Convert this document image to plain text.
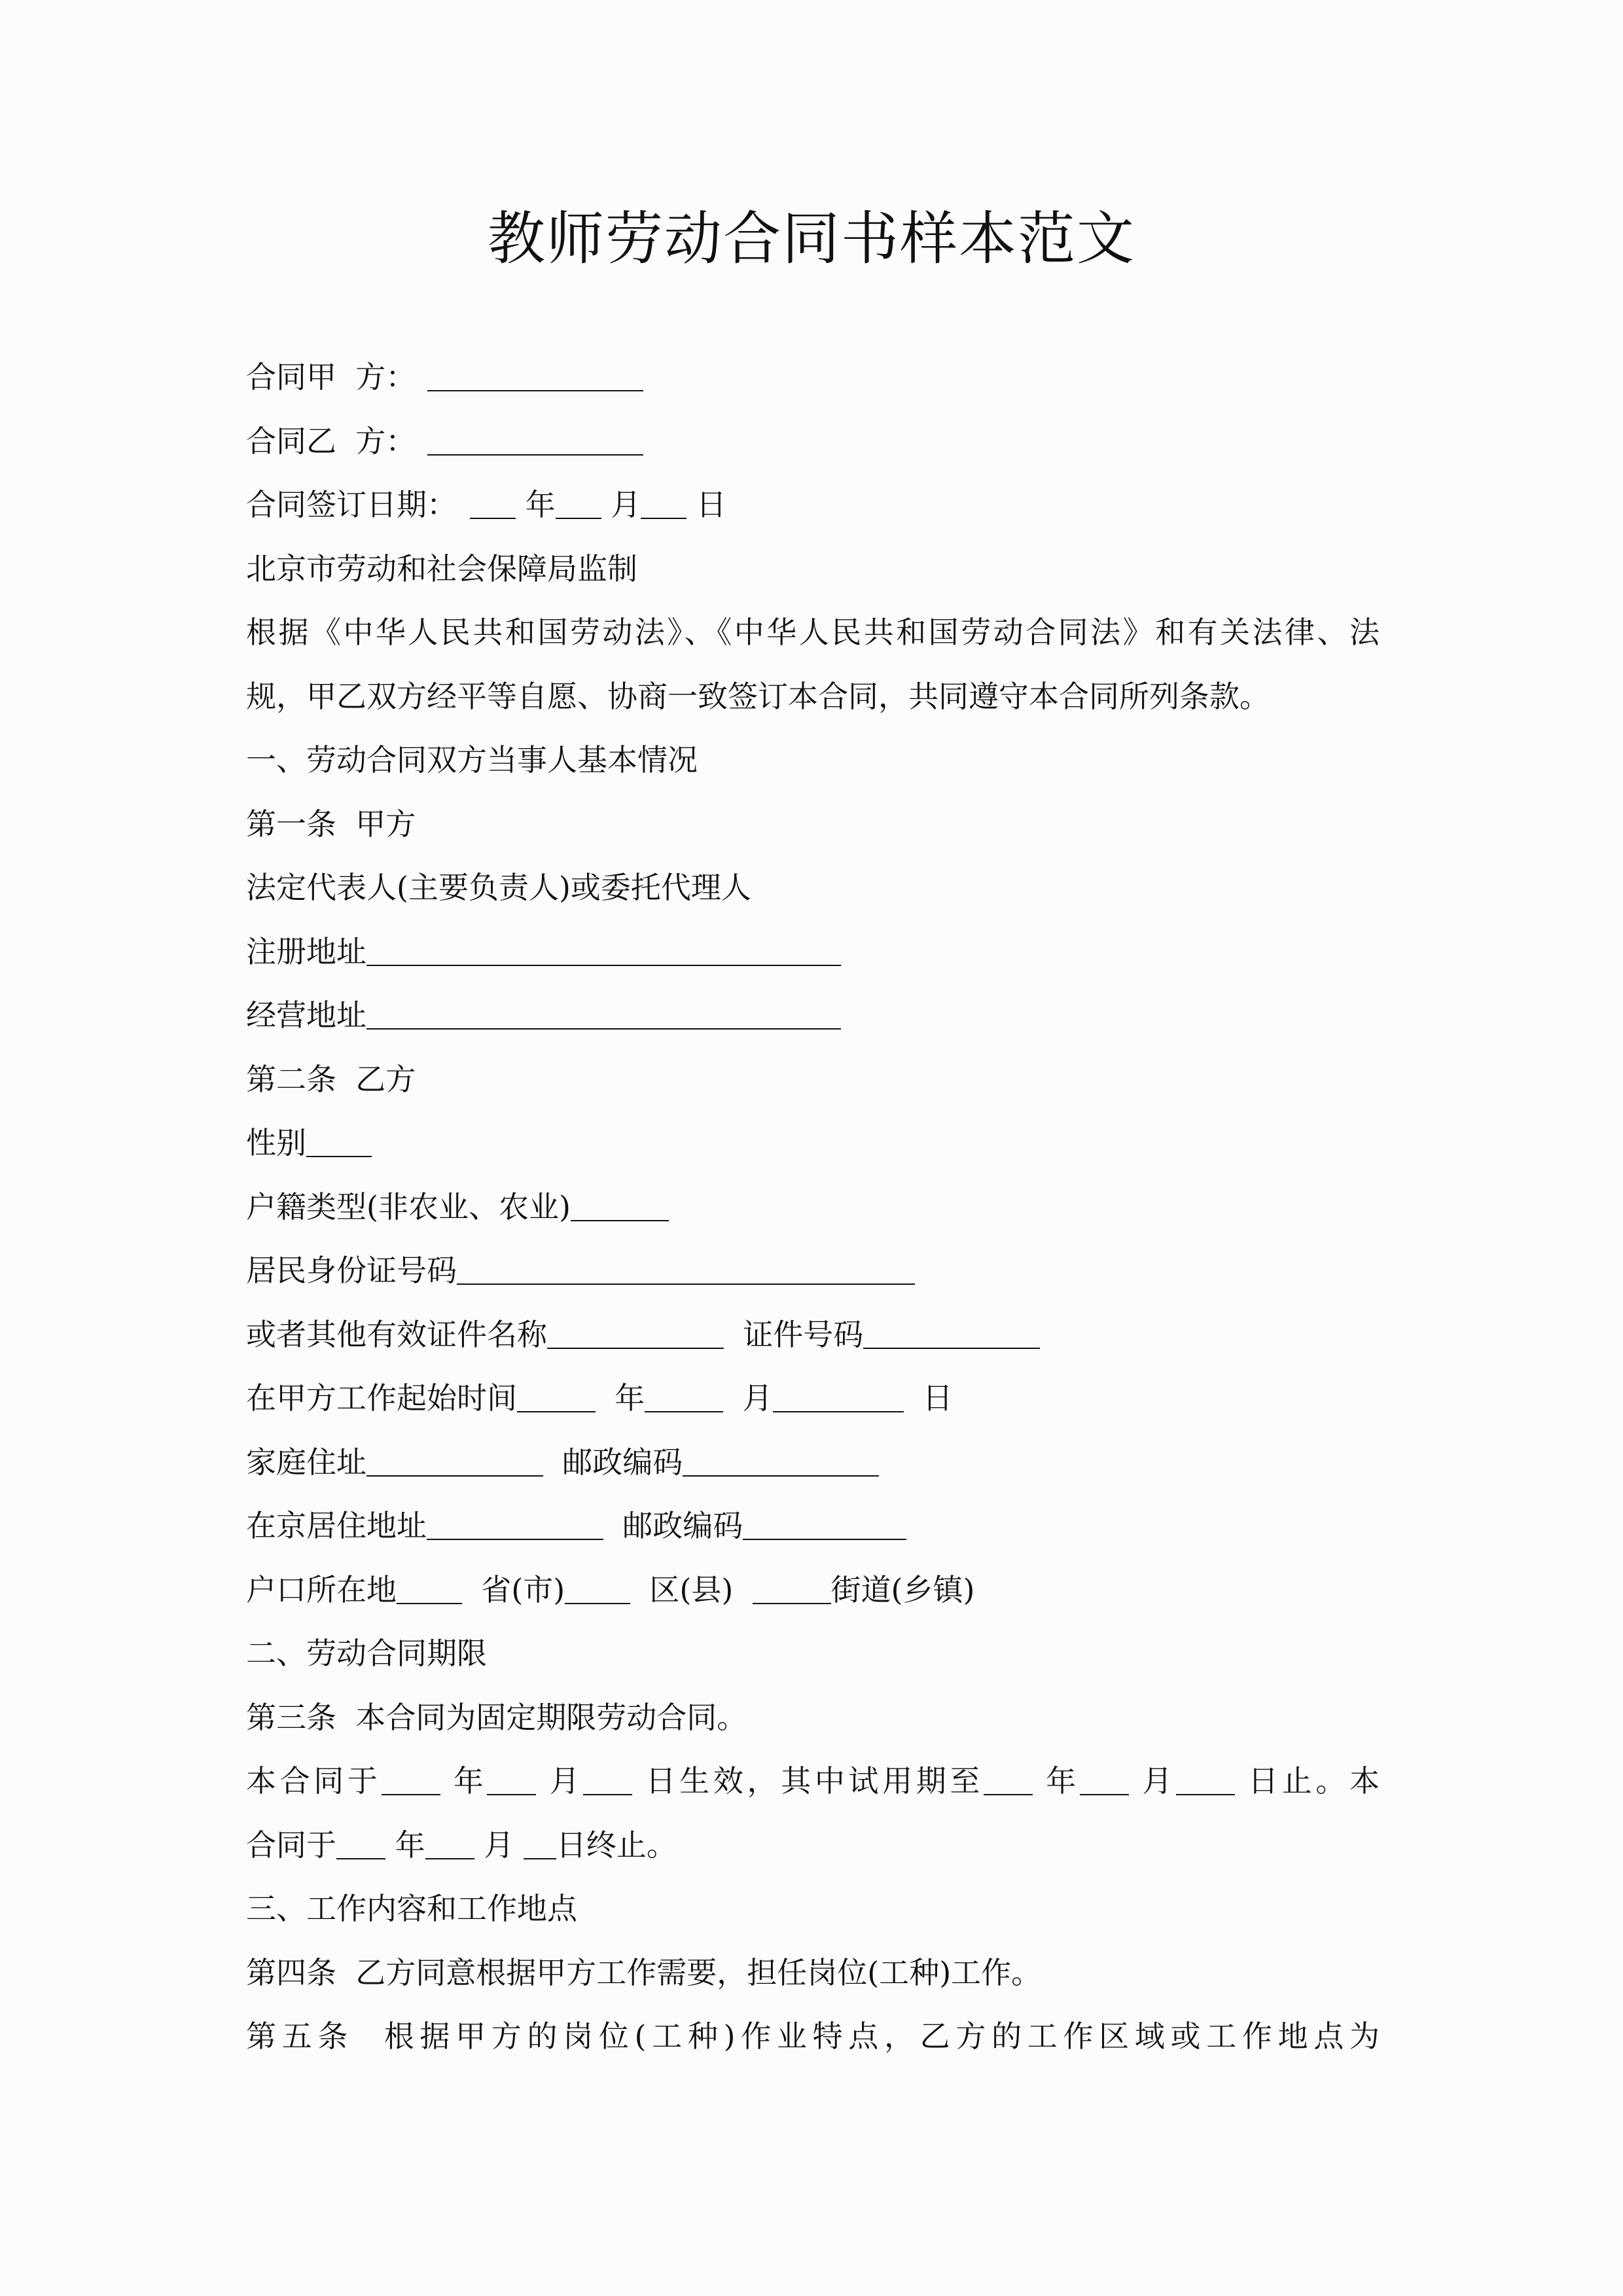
教师劳动合同书样本范文
合同甲  方：
合同乙  方：
合同签订日期： 年 月 日
北京市劳动和社会保障局监制
根据《中华人民共和国劳动法》、《中华人民共和国劳动合同法》和有关法律、法
规，甲乙双方经平等自愿、协商一致签订本合同，共同遵守本合同所列条款。
一、劳动合同双方当事人基本情况
第一条  甲方
法定代表人(主要负责人)或委托代理人
注册地址
经营地址
第二条  乙方
性别
户籍类型(非农业、农业)
居民身份证号码
或者其他有效证件名称	证件号码
在甲方工作起始时间	年	月	日
家庭住址	邮政编码
在京居住地址	邮政编码
户口所在地  省(市)  区(县)	街道(乡镇)
二、劳动合同期限
第三条  本合同为固定期限劳动合同。
本合同于 年 月 日生效，其中试用期至 年 月 日止。本
合同于 年 月 日终止。
三、工作内容和工作地点
第四条  乙方同意根据甲方工作需要，担任岗位(工种)工作。
第五条  根据甲方的岗位(工种)作业特点，乙方的工作区域或工作地点为
